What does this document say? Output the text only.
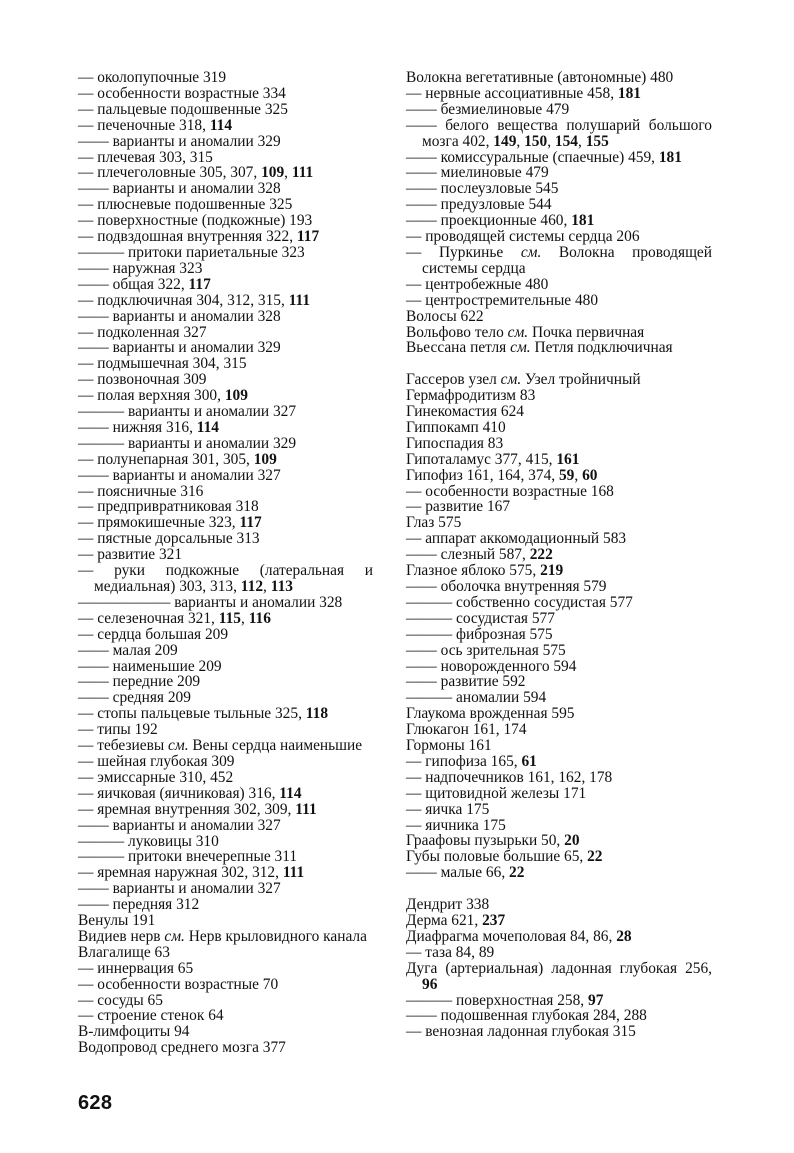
— околопупочные 319
— особенности возрастные 334
— пальцевые подошвенные 325
— печеночные 318, 114
—— варианты и аномалии 329
— плечевая 303, 315
— плечеголовные 305, 307, 109, 111
—— варианты и аномалии 328
— плюсневые подошвенные 325
— поверхностные (подкожные) 193
— подвздошная внутренняя 322, 117
——— притоки париетальные 323
—— наружная 323
—— общая 322, 117
— подключичная 304, 312, 315, 111
—— варианты и аномалии 328
— подколенная 327
—— варианты и аномалии 329
— подмышечная 304, 315
— позвоночная 309
— полая верхняя 300, 109
——— варианты и аномалии 327
—— нижняя 316, 114
——— варианты и аномалии 329
— полунепарная 301, 305, 109
—— варианты и аномалии 327
— поясничные 316
— предпривратниковая 318
— прямокишечные 323, 117
— пястные дорсальные 313
— развитие 321
— руки подкожные (латеральная и медиальная) 303, 313, 112, 113
—————— варианты и аномалии 328
— селезеночная 321, 115, 116
— сердца большая 209
—— малая 209
—— наименьшие 209
—— передние 209
—— средняя 209
— стопы пальцевые тыльные 325, 118
— типы 192
— тебезиевы см. Вены сердца наименьшие
— шейная глубокая 309
— эмиссарные 310, 452
— яичковая (яичниковая) 316, 114
— яремная внутренняя 302, 309, 111
—— варианты и аномалии 327
——— луковицы 310
——— притоки внечерепные 311
— яремная наружная 302, 312, 111
—— варианты и аномалии 327
—— передняя 312
Венулы 191
Видиев нерв см. Нерв крыловидного канала
Влагалище 63
— иннервация 65
— особенности возрастные 70
— сосуды 65
— строение стенок 64
В-лимфоциты 94
Водопровод среднего мозга 377
Волокна вегетативные (автономные) 480
— нервные ассоциативные 458, 181
—— безмиелиновые 479
—— белого вещества полушарий большого мозга 402, 149, 150, 154, 155
—— комиссуральные (спаечные) 459, 181
—— миелиновые 479
—— послеузловые 545
—— предузловые 544
—— проекционные 460, 181
— проводящей системы сердца 206
— Пуркинье см. Волокна проводящей системы сердца
— центробежные 480
— центростремительные 480
Волосы 622
Вольфово тело см. Почка первичная
Вьессана петля см. Петля подключичная
Гассеров узел см. Узел тройничный
Гермафродитизм 83
Гинекомастия 624
Гиппокамп 410
Гипоспадия 83
Гипоталамус 377, 415, 161
Гипофиз 161, 164, 374, 59, 60
— особенности возрастные 168
— развитие 167
Глаз 575
— аппарат аккомодационный 583
—— слезный 587, 222
Глазное яблоко 575, 219
—— оболочка внутренняя 579
——— собственно сосудистая 577
——— сосудистая 577
——— фиброзная 575
—— ось зрительная 575
—— новорожденного 594
—— развитие 592
——— аномалии 594
Глаукома врожденная 595
Глюкагон 161, 174
Гормоны 161
— гипофиза 165, 61
— надпочечников 161, 162, 178
— щитовидной железы 171
— яичка 175
— яичника 175
Граафовы пузырьки 50, 20
Губы половые большие 65, 22
—— малые 66, 22
Дендрит 338
Дерма 621, 237
Диафрагма мочеполовая 84, 86, 28
— таза 84, 89
Дуга (артериальная) ладонная глубокая 256, 96
——— поверхностная 258, 97
—— подошвенная глубокая 284, 288
— венозная ладонная глубокая 315
628
